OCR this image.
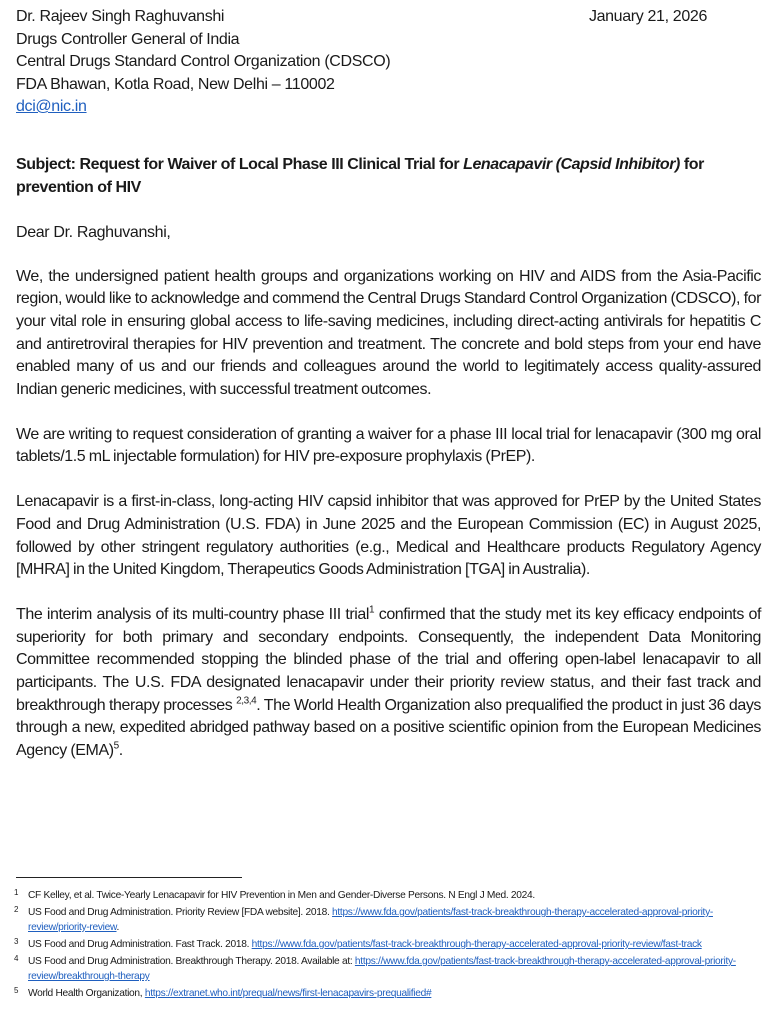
Dr. Rajeev Singh Raghuvanshi
Drugs Controller General of India
Central Drugs Standard Control Organization (CDSCO)
FDA Bhawan, Kotla Road, New Delhi – 110002
dci@nic.in
January 21, 2026
Subject: Request for Waiver of Local Phase III Clinical Trial for Lenacapavir (Capsid Inhibitor) for prevention of HIV
Dear Dr. Raghuvanshi,

We, the undersigned patient health groups and organizations working on HIV and AIDS from the Asia-Pacific region, would like to acknowledge and commend the Central Drugs Standard Control Organization (CDSCO), for your vital role in ensuring global access to life-saving medicines, including direct-acting antivirals for hepatitis C and antiretroviral therapies for HIV prevention and treatment. The concrete and bold steps from your end have enabled many of us and our friends and colleagues around the world to legitimately access quality-assured Indian generic medicines, with successful treatment outcomes.

We are writing to request consideration of granting a waiver for a phase III local trial for lenacapavir (300 mg oral tablets/1.5 mL injectable formulation) for HIV pre-exposure prophylaxis (PrEP).

Lenacapavir is a first-in-class, long-acting HIV capsid inhibitor that was approved for PrEP by the United States Food and Drug Administration (U.S. FDA) in June 2025 and the European Commission (EC) in August 2025, followed by other stringent regulatory authorities (e.g., Medical and Healthcare products Regulatory Agency [MHRA] in the United Kingdom, Therapeutics Goods Administration [TGA] in Australia).

The interim analysis of its multi-country phase III trial$^1$ confirmed that the study met its key efficacy endpoints of superiority for both primary and secondary endpoints. Consequently, the independent Data Monitoring Committee recommended stopping the blinded phase of the trial and offering open-label lenacapavir to all participants. The U.S. FDA designated lenacapavir under their priority review status, and their fast track and breakthrough therapy processes $^{2,3,4}$. The World Health Organization also prequalified the product in just 36 days through a new, expedited abridged pathway based on a positive scientific opinion from the European Medicines Agency (EMA)$^5$.

1 CF Kelley, et al. Twice-Yearly Lenacapavir for HIV Prevention in Men and Gender-Diverse Persons. N Engl J Med. 2024.
2 US Food and Drug Administration. Priority Review [FDA website]. 2018. https://www.fda.gov/patients/fast-track-breakthrough-therapy-accelerated-approval-priority-review/priority-review.
3 US Food and Drug Administration. Fast Track. 2018. https://www.fda.gov/patients/fast-track-breakthrough-therapy-accelerated-approval-priority-review/fast-track
4 US Food and Drug Administration. Breakthrough Therapy. 2018. Available at: https://www.fda.gov/patients/fast-track-breakthrough-therapy-accelerated-approval-priority-review/breakthrough-therapy
5 World Health Organization, https://extranet.who.int/prequal/news/first-lenacapavirs-prequalified#
